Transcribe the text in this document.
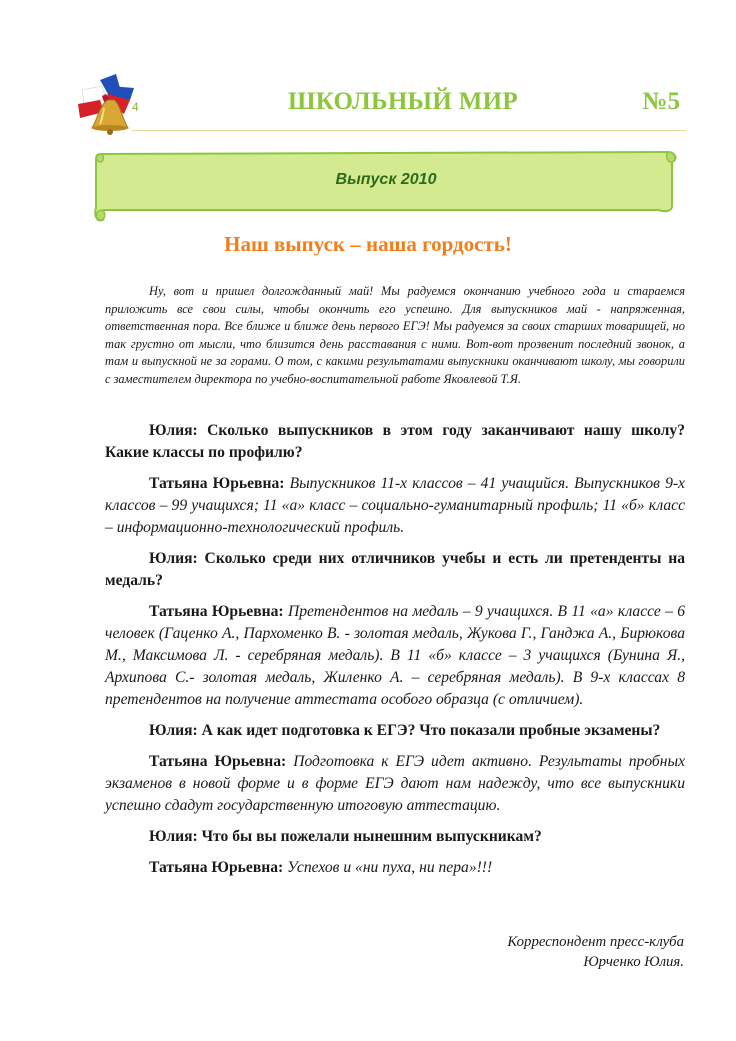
4	ШКОЛЬНЫЙ МИР	№5
Выпуск 2010
Наш выпуск – наша гордость!

Ну, вот и пришел долгожданный май! Мы радуемся окончанию учебного года и стараемся приложить все свои силы, чтобы окончить его успешно. Для выпускников май - напряженная, ответственная пора. Все ближе и ближе день первого ЕГЭ! Мы радуемся за своих старших товарищей, но так грустно от мысли, что близится день расставания с ними. Вот-вот прозвенит последний звонок, а там и выпускной не за горами. О том, с какими результатами выпускники оканчивают школу, мы говорили с заместителем директора по учебно-воспитательной работе Яковлевой Т.Я.

Юлия: Сколько выпускников в этом году заканчивают нашу школу? Какие классы по профилю?

Татьяна Юрьевна: Выпускников 11-х классов – 41 учащийся. Выпускников 9-х классов – 99 учащихся; 11 «а» класс – социально-гуманитарный профиль; 11 «б» класс – информационно-технологический профиль.

Юлия: Сколько среди них отличников учебы и есть ли претенденты на медаль?

Татьяна Юрьевна: Претендентов на медаль – 9 учащихся. В 11 «а» классе – 6 человек (Гаценко А., Пархоменко В. - золотая медаль, Жукова Г., Ганджа А., Бирюкова М., Максимова Л. - серебряная медаль). В 11 «б» классе – 3 учащихся (Бунина Я., Архипова С.- золотая медаль, Жиленко А. – серебряная медаль). В 9-х классах 8 претендентов на получение аттестата особого образца (с отличием).

Юлия: А как идет подготовка к ЕГЭ? Что показали пробные экзамены?

Татьяна Юрьевна: Подготовка к ЕГЭ идет активно. Результаты пробных экзаменов в новой форме и в форме ЕГЭ дают нам надежду, что все выпускники успешно сдадут государственную итоговую аттестацию.

Юлия: Что бы вы пожелали нынешним выпускникам?

Татьяна Юрьевна: Успехов и «ни пуха, ни пера»!!!

Корреспондент пресс-клуба
Юрченко Юлия.
